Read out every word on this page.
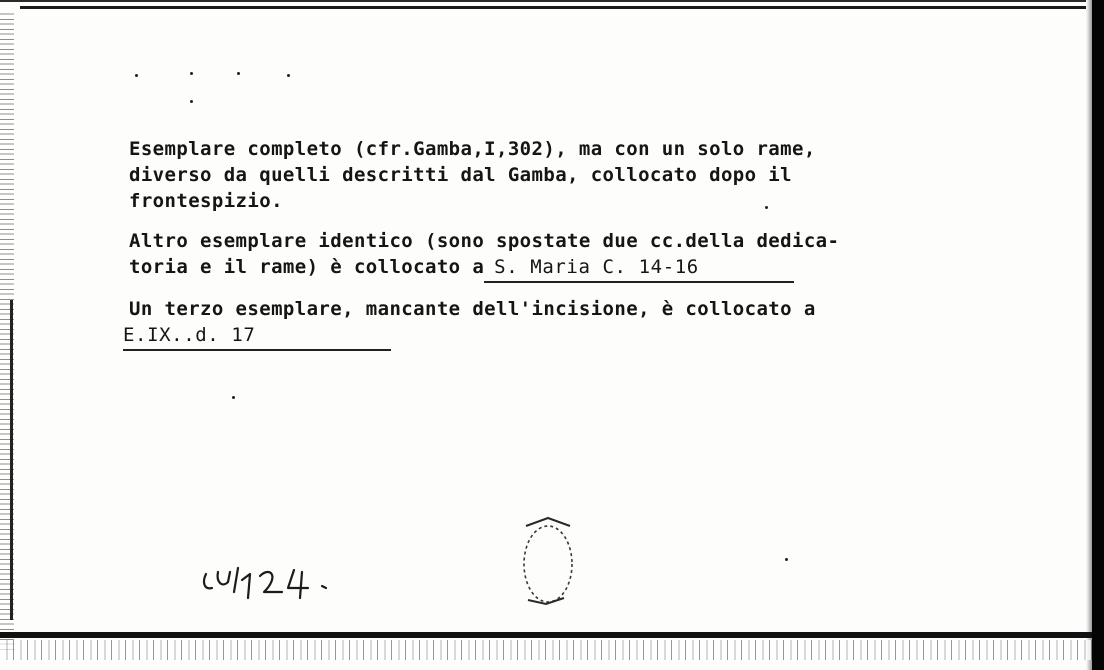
Esemplare completo (cfr.Gamba,I,302), ma con un solo rame,
diverso da quelli descritti dal Gamba, collocato dopo il
frontespizio.

Altro esemplare identico (sono spostate due cc.della dedica-
toria e il rame) è collocato a S. Maria C. 14-16

Un terzo esemplare, mancante dell'incisione, è collocato a
E.IX..d. 17
